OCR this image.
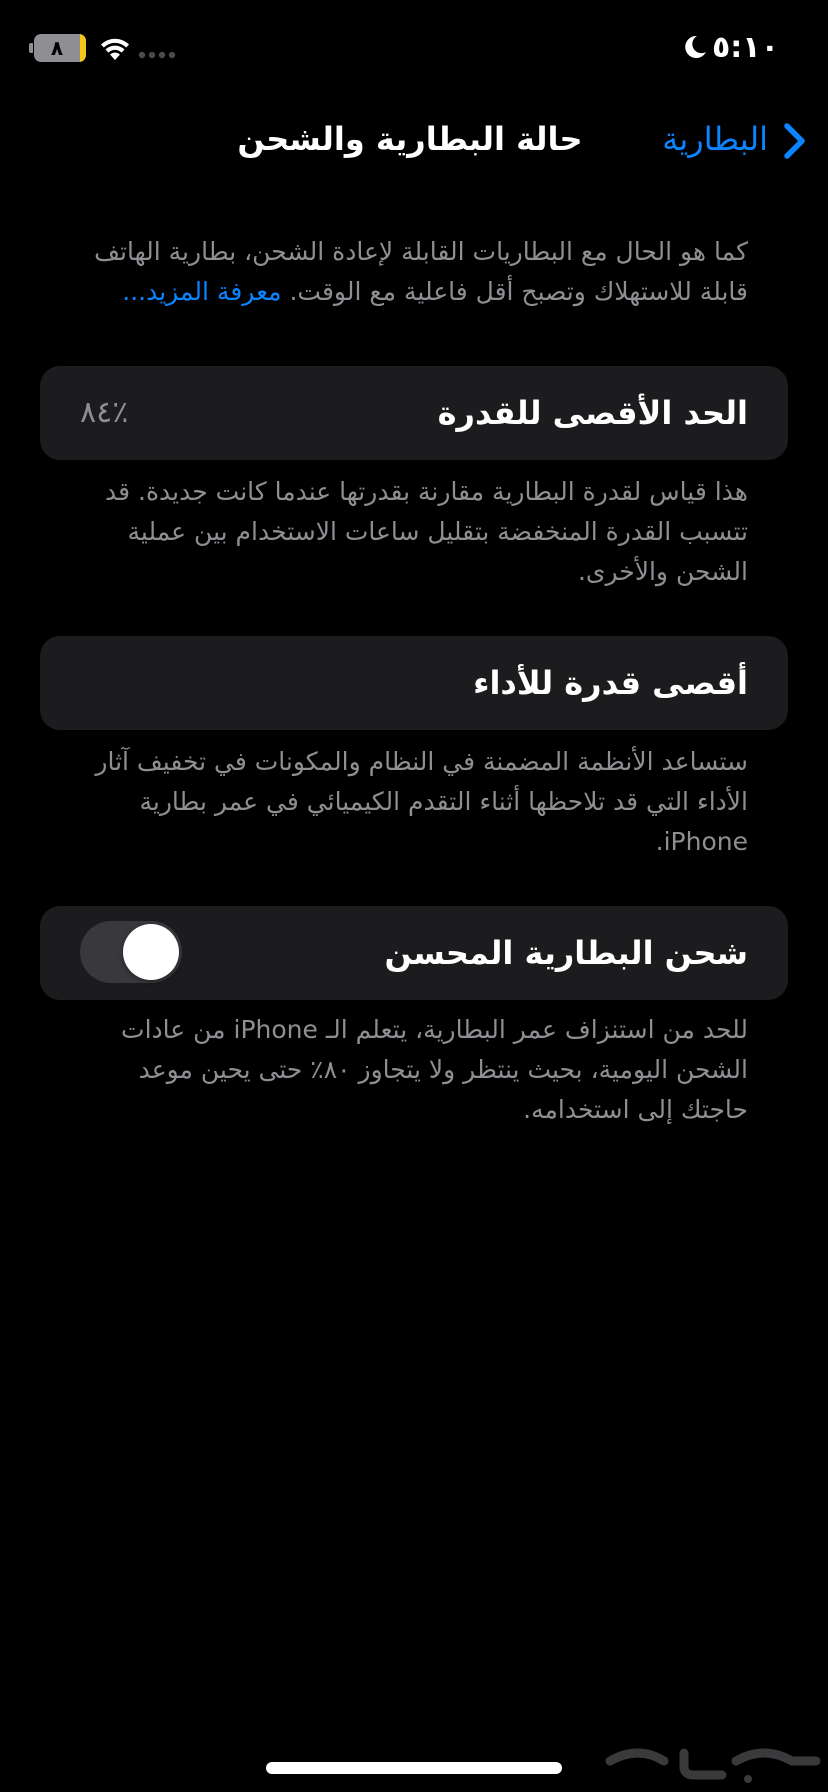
٨	٥:١٠
البطارية
حالة البطارية والشحن
كما هو الحال مع البطاريات القابلة لإعادة الشحن، بطارية الهاتف قابلة للاستهلاك وتصبح أقل فاعلية مع الوقت. معرفة المزيد...
الحد الأقصى للقدرة
٨٤٪
هذا قياس لقدرة البطارية مقارنة بقدرتها عندما كانت جديدة. قد تتسبب القدرة المنخفضة بتقليل ساعات الاستخدام بين عملية الشحن والأخرى.
أقصى قدرة للأداء
ستساعد الأنظمة المضمنة في النظام والمكونات في تخفيف آثار الأداء التي قد تلاحظها أثناء التقدم الكيميائي في عمر بطارية iPhone.
شحن البطارية المحسن
للحد من استنزاف عمر البطارية، يتعلم الـ iPhone من عادات الشحن اليومية، بحيث ينتظر ولا يتجاوز ٨٠٪ حتى يحين موعد حاجتك إلى استخدامه.
